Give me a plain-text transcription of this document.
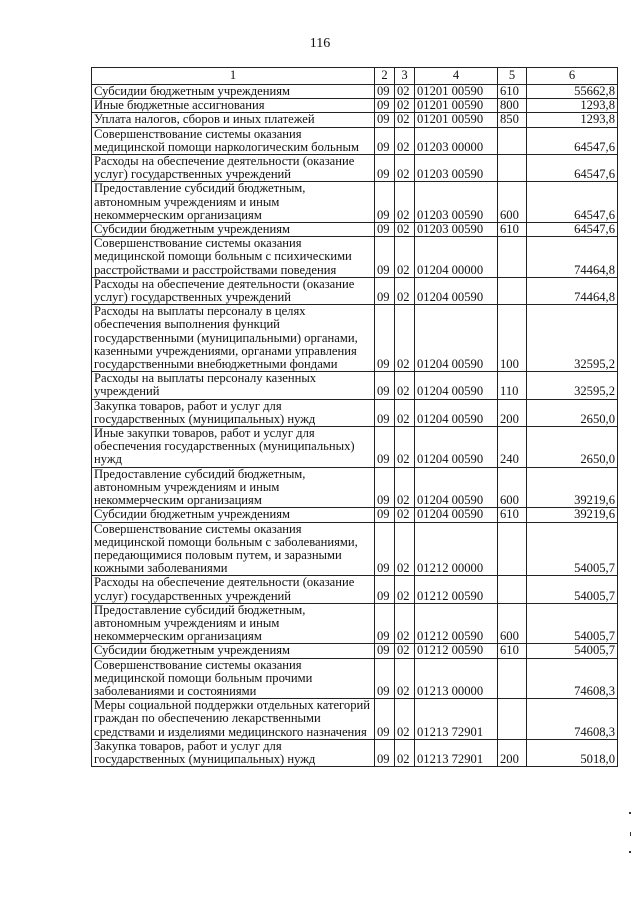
116
1	2	3	4	5	6
Субсидии бюджетным учреждениям	09	02	01201 00590	610	55662,8
Иные бюджетные ассигнования	09	02	01201 00590	800	1293,8
Уплата налогов, сборов и иных платежей	09	02	01201 00590	850	1293,8
Совершенствование системы оказания медицинской помощи наркологическим больным	09	02	01203 00000		64547,6
Расходы на обеспечение деятельности (оказание услуг) государственных учреждений	09	02	01203 00590		64547,6
Предоставление субсидий бюджетным, автономным учреждениям и иным некоммерческим организациям	09	02	01203 00590	600	64547,6
Субсидии бюджетным учреждениям	09	02	01203 00590	610	64547,6
Совершенствование системы оказания медицинской помощи больным с психическими расстройствами и расстройствами поведения	09	02	01204 00000		74464,8
Расходы на обеспечение деятельности (оказание услуг) государственных учреждений	09	02	01204 00590		74464,8
Расходы на выплаты персоналу в целях обеспечения выполнения функций государственными (муниципальными) органами, казенными учреждениями, органами управления государственными внебюджетными фондами	09	02	01204 00590	100	32595,2
Расходы на выплаты персоналу казенных учреждений	09	02	01204 00590	110	32595,2
Закупка товаров, работ и услуг для государственных (муниципальных) нужд	09	02	01204 00590	200	2650,0
Иные закупки товаров, работ и услуг для обеспечения государственных (муниципальных) нужд	09	02	01204 00590	240	2650,0
Предоставление субсидий бюджетным, автономным учреждениям и иным некоммерческим организациям	09	02	01204 00590	600	39219,6
Субсидии бюджетным учреждениям	09	02	01204 00590	610	39219,6
Совершенствование системы оказания медицинской помощи больным с заболеваниями, передающимися половым путем, и заразными кожными заболеваниями	09	02	01212 00000		54005,7
Расходы на обеспечение деятельности (оказание услуг) государственных учреждений	09	02	01212 00590		54005,7
Предоставление субсидий бюджетным, автономным учреждениям и иным некоммерческим организациям	09	02	01212 00590	600	54005,7
Субсидии бюджетным учреждениям	09	02	01212 00590	610	54005,7
Совершенствование системы оказания медицинской помощи больным прочими заболеваниями и состояниями	09	02	01213 00000		74608,3
Меры социальной поддержки отдельных категорий граждан по обеспечению лекарственными средствами и изделиями медицинского назначения	09	02	01213 72901		74608,3
Закупка товаров, работ и услуг для государственных (муниципальных) нужд	09	02	01213 72901	200	5018,0
